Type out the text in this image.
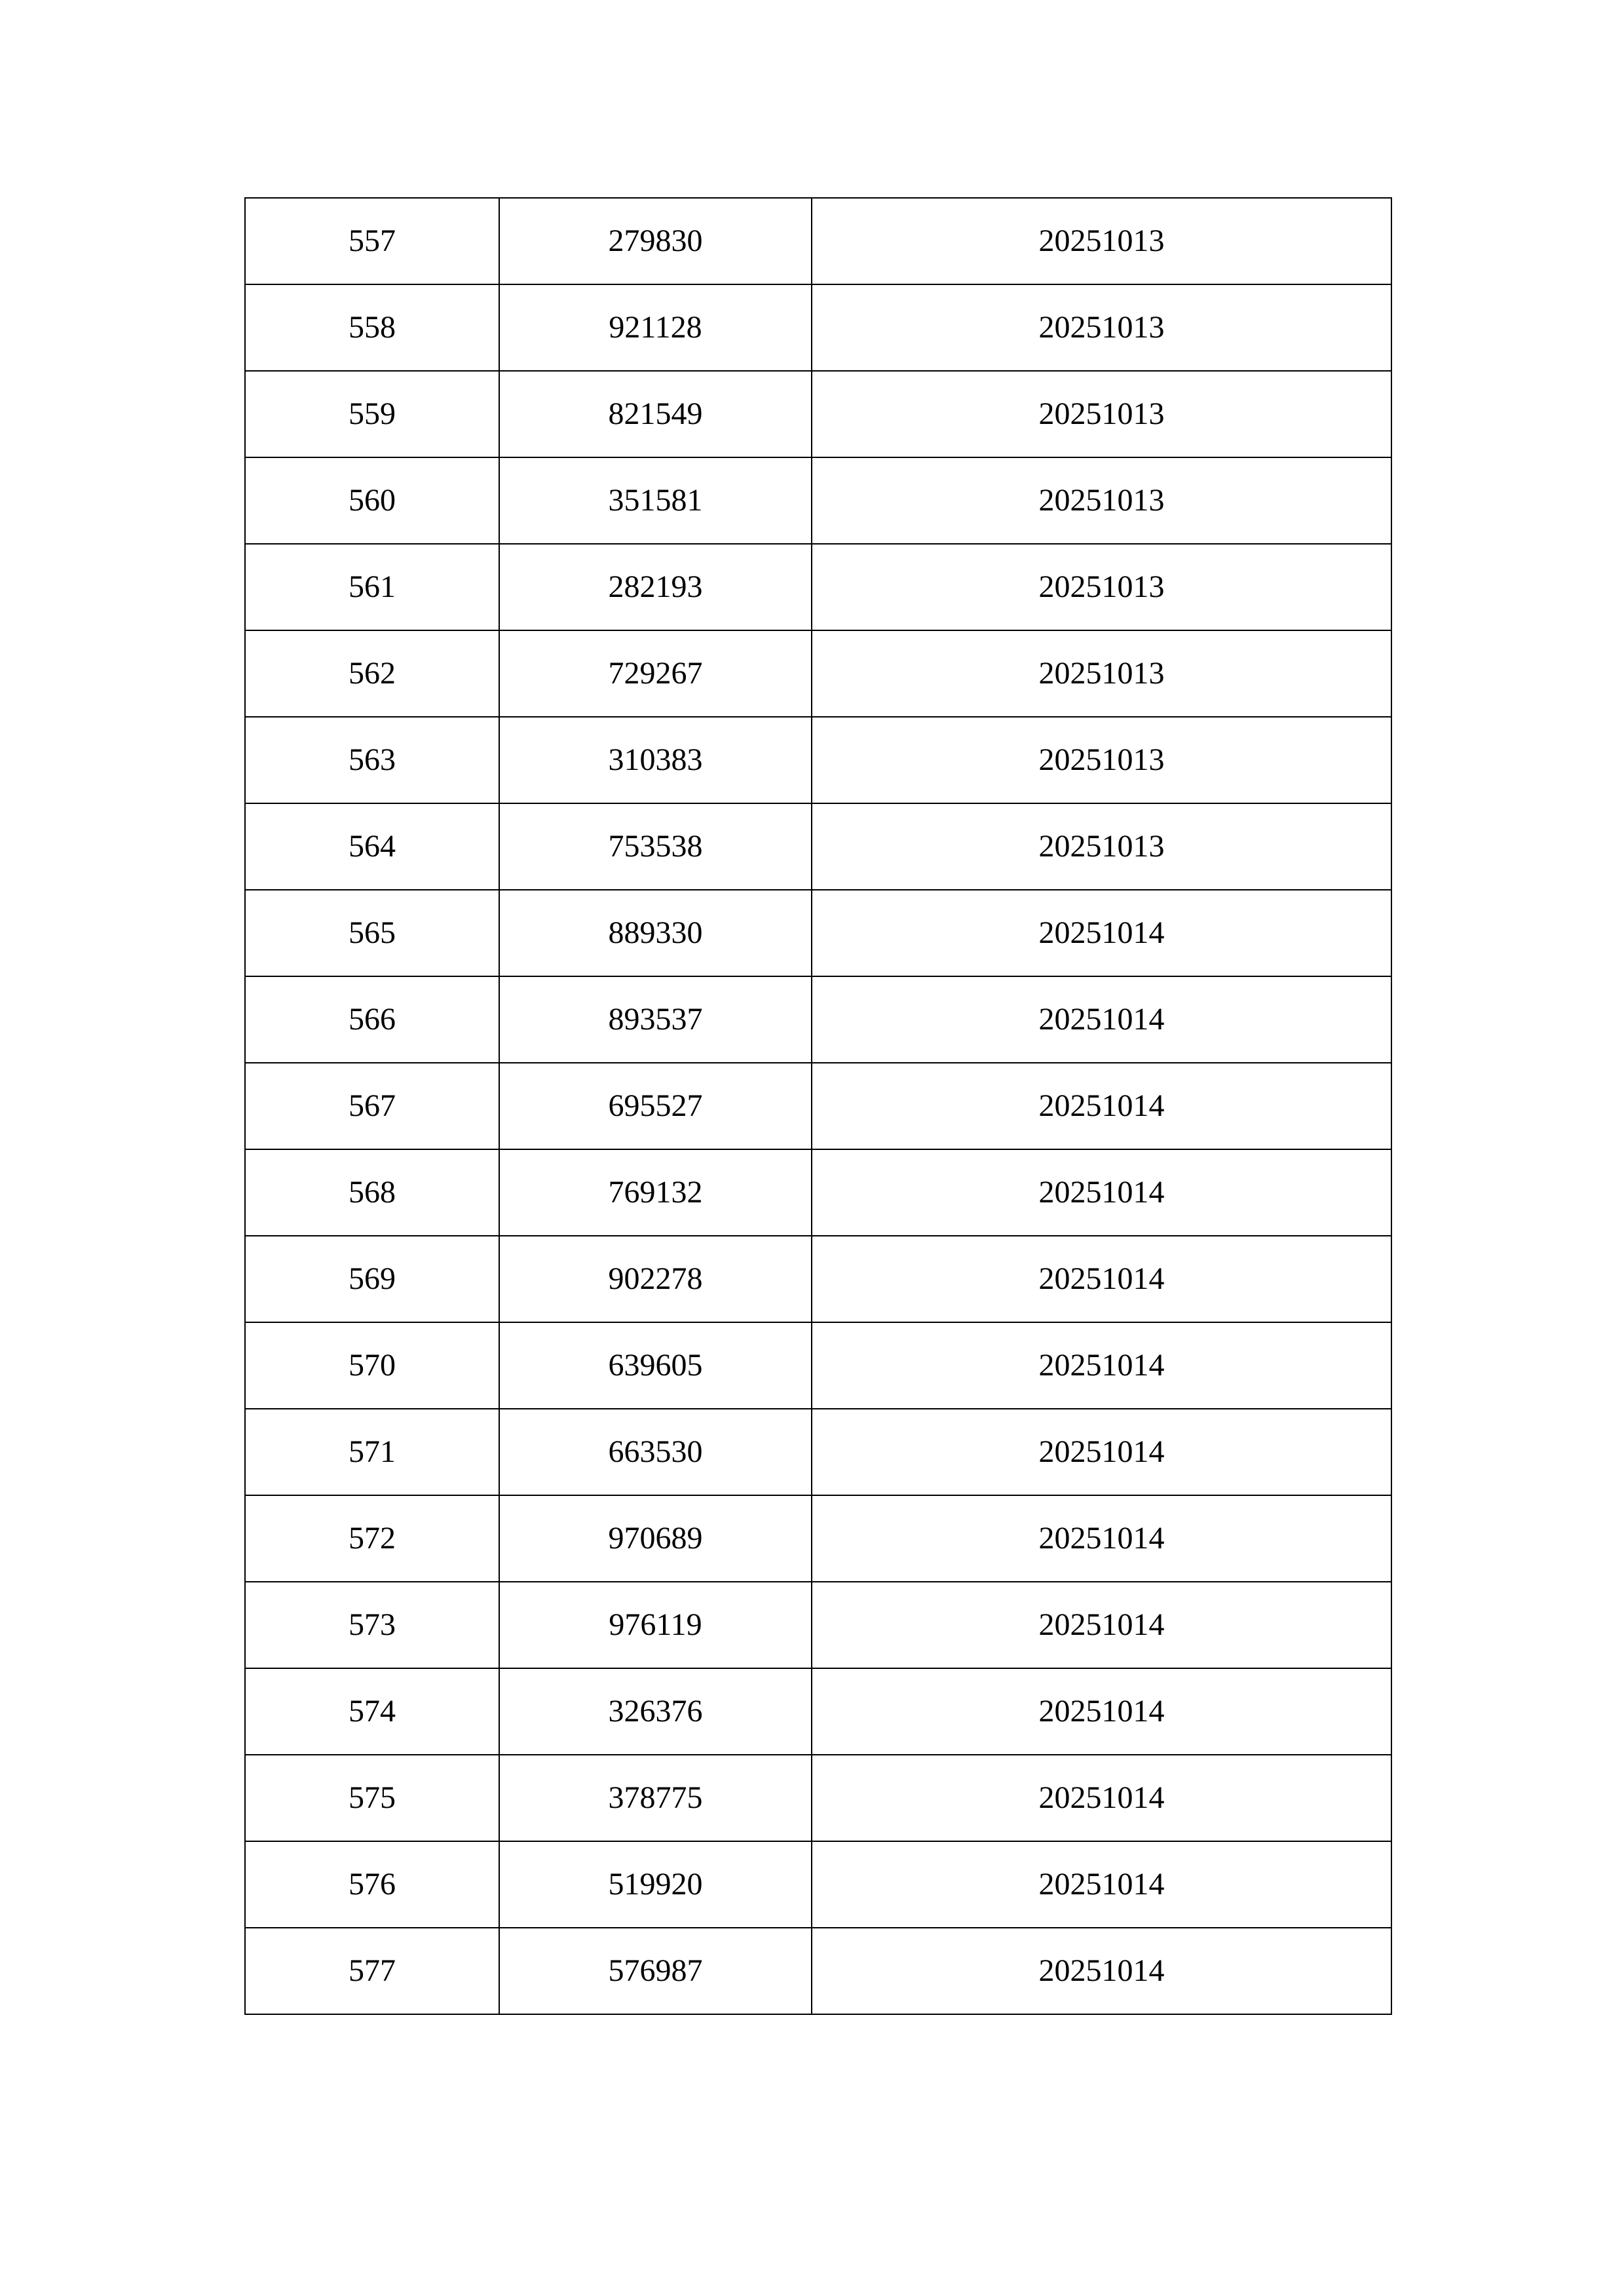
557	279830	20251013
558	921128	20251013
559	821549	20251013
560	351581	20251013
561	282193	20251013
562	729267	20251013
563	310383	20251013
564	753538	20251013
565	889330	20251014
566	893537	20251014
567	695527	20251014
568	769132	20251014
569	902278	20251014
570	639605	20251014
571	663530	20251014
572	970689	20251014
573	976119	20251014
574	326376	20251014
575	378775	20251014
576	519920	20251014
577	576987	20251014
